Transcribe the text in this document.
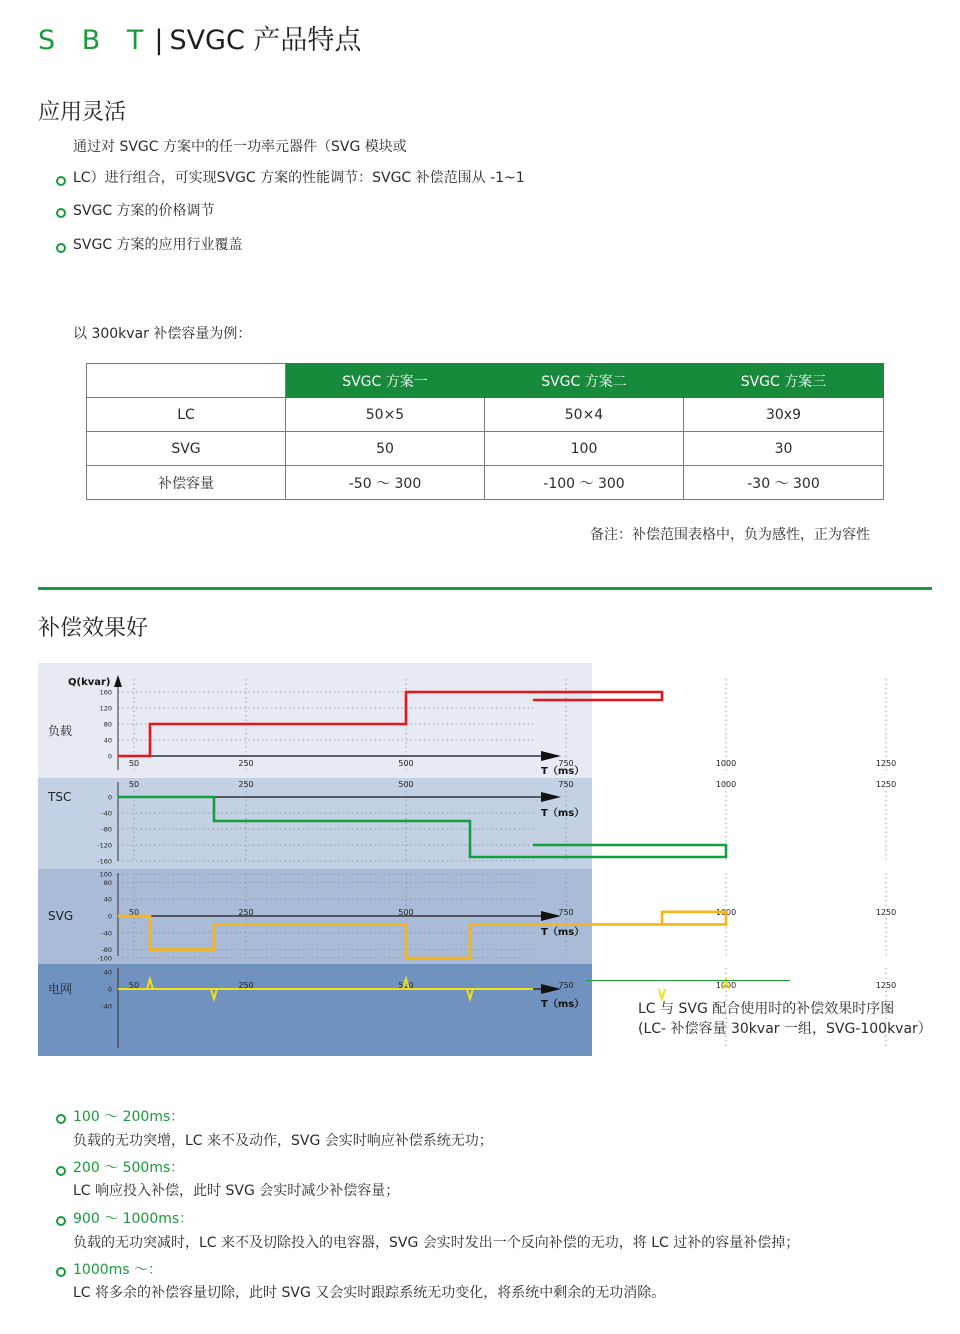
S B T| SVGC 产品特点
应用灵活
通过对 SVGC 方案中的任一功率元器件（SVG 模块或
LC）进行组合，可实现SVGC 方案的性能调节：SVGC 补偿范围从 -1~1
SVGC 方案的价格调节
SVGC 方案的应用行业覆盖
以 300kvar 补偿容量为例：
	SVGC 方案一	SVGC 方案二	SVGC 方案三
LC	50×5	50×4	30x9
SVG	50	100	30
补偿容量	-50 ～ 300	-100 ～ 300	-30 ～ 300
备注：补偿范围表格中，负为感性，正为容性
补偿效果好
0
40
80
120
160
50	250	500	750	1000	1250
0
-40
-80
-120
-160
50	250	500	750	1000	1250
100
80
40
0
-40
-80
-100
50	250	500	750	1000	1250
40
0
-40
50	250	500	750	1000	1250
负载
T（ms）
TSC
T（ms）
SVG
T（ms）
电网
T（ms）
Q(kvar)
LC 与 SVG 配合使用时的补偿效果时序图
(LC- 补偿容量 30kvar 一组，SVG-100kvar）
100 ～ 200ms：
负载的无功突增，LC 来不及动作，SVG 会实时响应补偿系统无功；
200 ～ 500ms：
LC 响应投入补偿，此时 SVG 会实时减少补偿容量；
900 ～ 1000ms：
负载的无功突减时，LC 来不及切除投入的电容器，SVG 会实时发出一个反向补偿的无功，将 LC 过补的容量补偿掉；
1000ms ～：
LC 将多余的补偿容量切除，此时 SVG 又会实时跟踪系统无功变化，将系统中剩余的无功消除。
